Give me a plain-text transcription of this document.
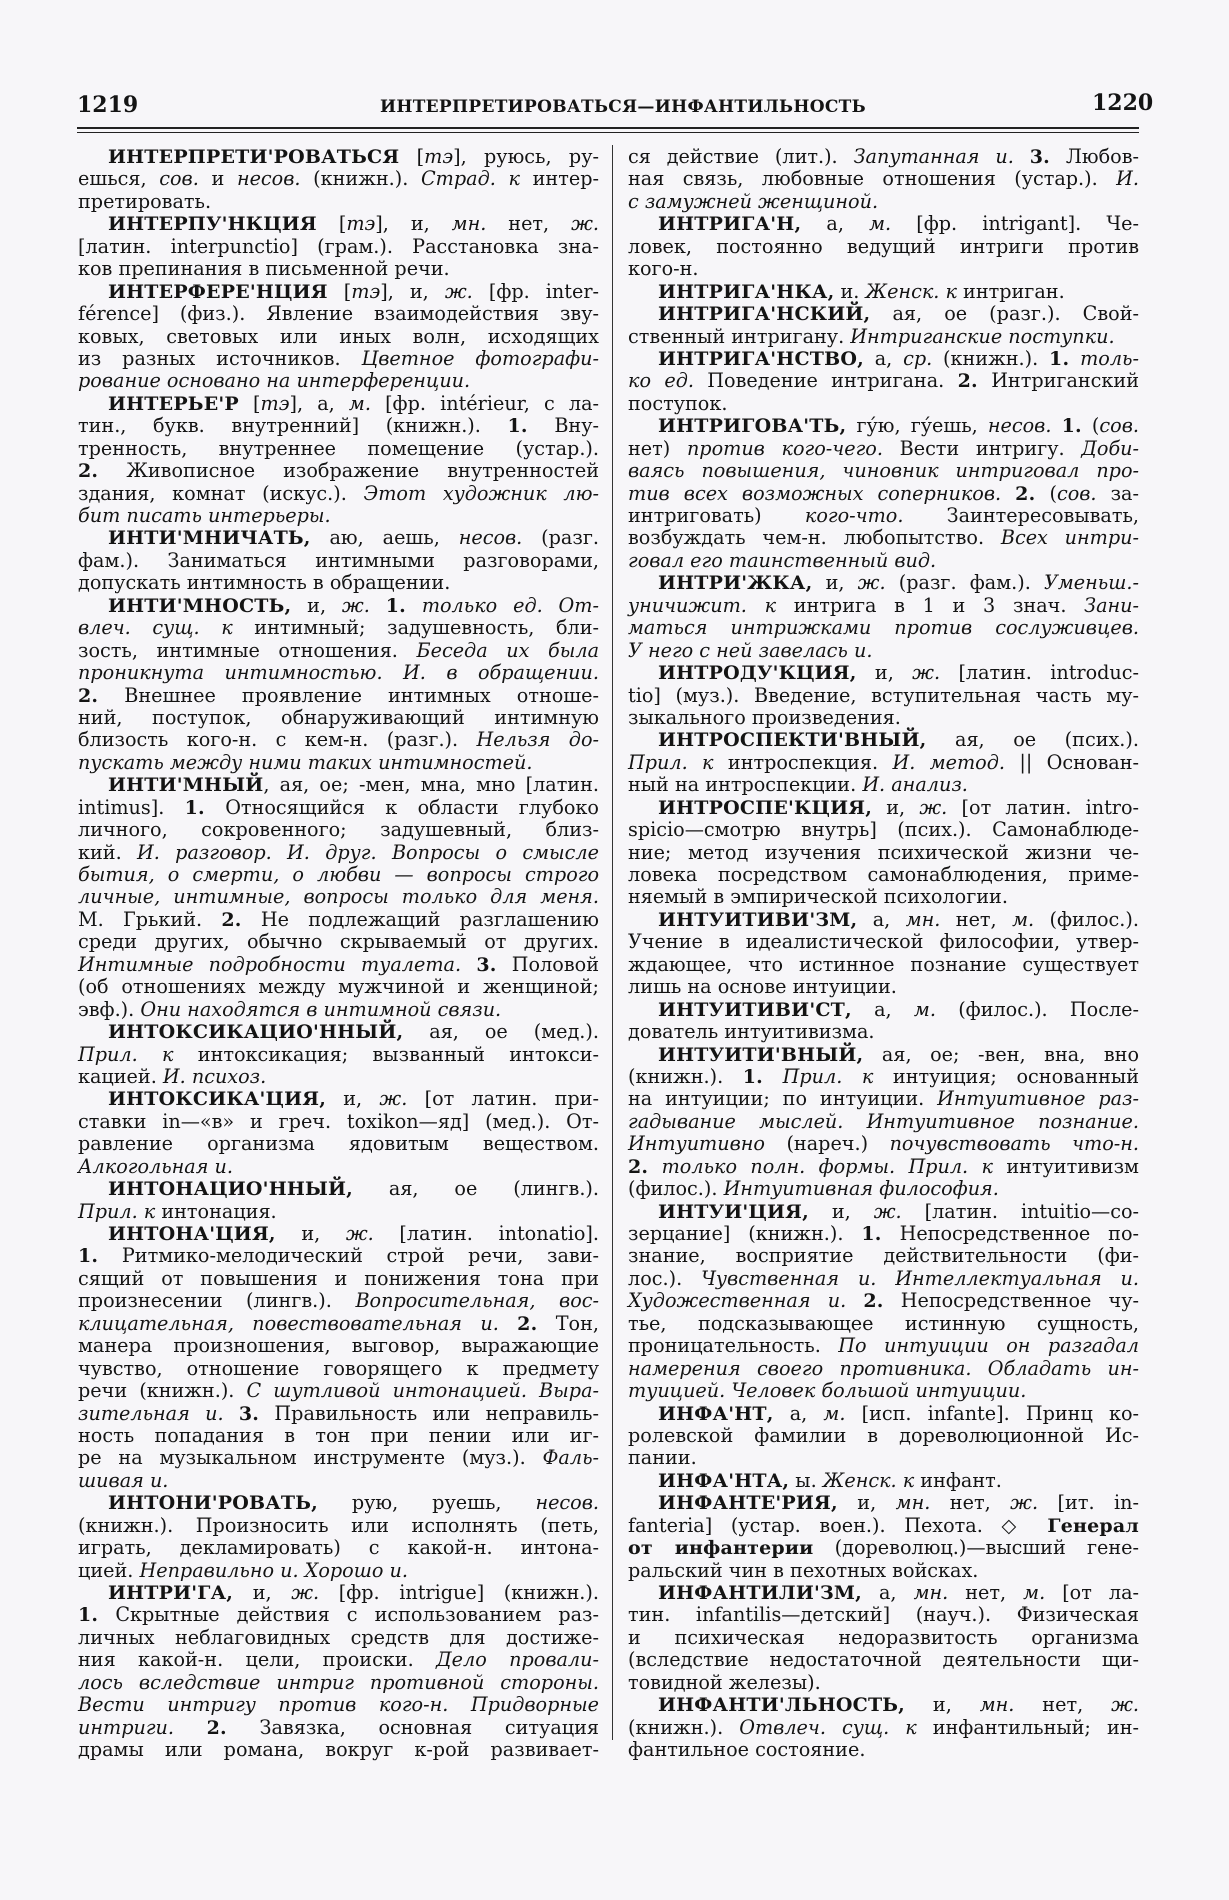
1219	ИНТЕРПРЕТИРОВАТЬСЯ—ИНФАНТИЛЬНОСТЬ	1220
ИНТЕРПРЕТИ'РОВАТЬСЯ [тэ], руюсь, ру-
ешься, сов. и несов. (книжн.). Страд. к интер-
претировать.
ИНТЕРПУ'НКЦИЯ [тэ], и, мн. нет, ж.
[латин. interpunctio] (грам.). Расстановка зна-
ков препинания в письменной речи.
ИНТЕРФЕРЕ'НЦИЯ [тэ], и, ж. [фр. inter-
férence] (физ.). Явление взаимодействия зву-
ковых, световых или иных волн, исходящих
из разных источников. Цветное фотографи-
рование основано на интерференции.
ИНТЕРЬЕ'Р [тэ], а, м. [фр. intérieur, с ла-
тин., букв. внутренний] (книжн.). 1. Вну-
тренность, внутреннее помещение (устар.).
2. Живописное изображение внутренностей
здания, комнат (искус.). Этот художник лю-
бит писать интерьеры.
ИНТИ'МНИЧАТЬ, аю, аешь, несов. (разг.
фам.). Заниматься интимными разговорами,
допускать интимность в обращении.
ИНТИ'МНОСТЬ, и, ж. 1. только ед. От-
влеч. сущ. к интимный; задушевность, бли-
зость, интимные отношения. Беседа их была
проникнута интимностью. И. в обращении.
2. Внешнее проявление интимных отноше-
ний, поступок, обнаруживающий интимную
близость кого-н. с кем-н. (разг.). Нельзя до-
пускать между ними таких интимностей.
ИНТИ'МНЫЙ, ая, ое; -мен, мна, мно [латин.
intimus]. 1. Относящийся к области глубоко
личного, сокровенного; задушевный, близ-
кий. И. разговор. И. друг. Вопросы о смысле
бытия, о смерти, о любви — вопросы строго
личные, интимные, вопросы только для меня.
М. Грький. 2. Не подлежащий разглашению
среди других, обычно скрываемый от других.
Интимные подробности туалета. 3. Половой
(об отношениях между мужчиной и женщиной;
эвф.). Они находятся в интимной связи.
ИНТОКСИКАЦИО'ННЫЙ, ая, ое (мед.).
Прил. к интоксикация; вызванный интокси-
кацией. И. психоз.
ИНТОКСИКА'ЦИЯ, и, ж. [от латин. при-
ставки in—«в» и греч. toxikon—яд] (мед.). От-
равление организма ядовитым веществом.
Алкогольная и.
ИНТОНАЦИО'ННЫЙ, ая, ое (лингв.).
Прил. к интонация.
ИНТОНА'ЦИЯ, и, ж. [латин. intonatio].
1. Ритмико-мелодический строй речи, зави-
сящий от повышения и понижения тона при
произнесении (лингв.). Вопросительная, вос-
клицательная, повествовательная и. 2. Тон,
манера произношения, выговор, выражающие
чувство, отношение говорящего к предмету
речи (книжн.). С шутливой интонацией. Выра-
зительная и. 3. Правильность или неправиль-
ность попадания в тон при пении или иг-
ре на музыкальном инструменте (муз.). Фаль-
шивая и.
ИНТОНИ'РОВАТЬ, рую, руешь, несов.
(книжн.). Произносить или исполнять (петь,
играть, декламировать) с какой-н. интона-
цией. Неправильно и. Хорошо и.
ИНТРИ'ГА, и, ж. [фр. intrigue] (книжн.).
1. Скрытные действия с использованием раз-
личных неблаговидных средств для достиже-
ния какой-н. цели, происки. Дело провали-
лось вследствие интриг противной стороны.
Вести интригу против кого-н. Придворные
интриги. 2. Завязка, основная ситуация
драмы или романа, вокруг к-рой развивает-
ся действие (лит.). Запутанная и. 3. Любов-
ная связь, любовные отношения (устар.). И.
с замужней женщиной.
ИНТРИГА'Н, а, м. [фр. intrigant]. Че-
ловек, постоянно ведущий интриги против
кого-н.
ИНТРИГА'НКА, и. Женск. к интриган.
ИНТРИГА'НСКИЙ, ая, ое (разг.). Свой-
ственный интригану. Интриганские поступки.
ИНТРИГА'НСТВО, а, ср. (книжн.). 1. толь-
ко ед. Поведение интригана. 2. Интриганский
поступок.
ИНТРИГОВА'ТЬ, гу́ю, гу́ешь, несов. 1. (сов.
нет) против кого-чего. Вести интригу. Доби-
ваясь повышения, чиновник интриговал про-
тив всех возможных соперников. 2. (сов. за-
интриговать) кого-что. Заинтересовывать,
возбуждать чем-н. любопытство. Всех интри-
говал его таинственный вид.
ИНТРИ'ЖКА, и, ж. (разг. фам.). Уменьш.-
уничижит. к интрига в 1 и 3 знач. Зани-
маться интрижками против сослуживцев.
У него с ней завелась и.
ИНТРОДУ'КЦИЯ, и, ж. [латин. introduc-
tio] (муз.). Введение, вступительная часть му-
зыкального произведения.
ИНТРОСПЕКТИ'ВНЫЙ, ая, ое (псих.).
Прил. к интроспекция. И. метод. || Основан-
ный на интроспекции. И. анализ.
ИНТРОСПЕ'КЦИЯ, и, ж. [от латин. intro-
spicio—смотрю внутрь] (псих.). Самонаблюде-
ние; метод изучения психической жизни че-
ловека посредством самонаблюдения, приме-
няемый в эмпирической психологии.
ИНТУИТИВИ'ЗМ, а, мн. нет, м. (филос.).
Учение в идеалистической философии, утвер-
ждающее, что истинное познание существует
лишь на основе интуиции.
ИНТУИТИВИ'СТ, а, м. (филос.). После-
дователь интуитивизма.
ИНТУИТИ'ВНЫЙ, ая, ое; -вен, вна, вно
(книжн.). 1. Прил. к интуиция; основанный
на интуиции; по интуиции. Интуитивное раз-
гадывание мыслей. Интуитивное познание.
Интуитивно (нареч.) почувствовать что-н.
2. только полн. формы. Прил. к интуитивизм
(филос.). Интуитивная философия.
ИНТУИ'ЦИЯ, и, ж. [латин. intuitio—со-
зерцание] (книжн.). 1. Непосредственное по-
знание, восприятие действительности (фи-
лос.). Чувственная и. Интеллектуальная и.
Художественная и. 2. Непосредственное чу-
тье, подсказывающее истинную сущность,
проницательность. По интуиции он разгадал
намерения своего противника. Обладать ин-
туицией. Человек большой интуиции.
ИНФА'НТ, а, м. [исп. infante]. Принц ко-
ролевской фамилии в дореволюционной Ис-
пании.
ИНФА'НТА, ы. Женск. к инфант.
ИНФАНТЕ'РИЯ, и, мн. нет, ж. [ит. in-
fanteria] (устар. воен.). Пехота. ◇ Генерал
от инфантерии (дореволюц.)—высший гене-
ральский чин в пехотных войсках.
ИНФАНТИЛИ'ЗМ, а, мн. нет, м. [от ла-
тин. infantilis—детский] (науч.). Физическая
и психическая недоразвитость организма
(вследствие недостаточной деятельности щи-
товидной железы).
ИНФАНТИ'ЛЬНОСТЬ, и, мн. нет, ж.
(книжн.). Отвлеч. сущ. к инфантильный; ин-
фантильное состояние.
